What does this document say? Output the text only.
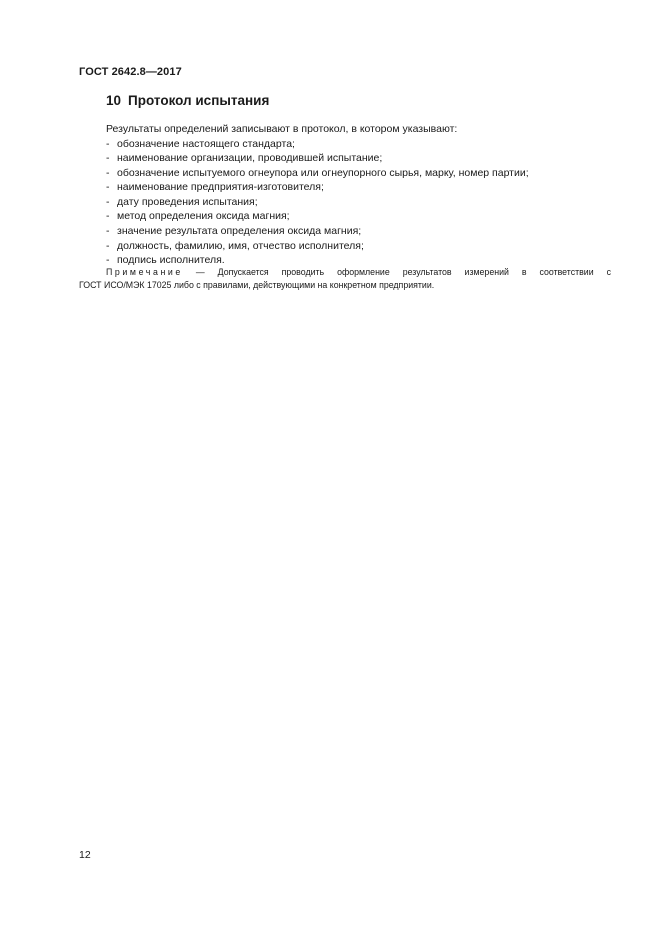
ГОСТ 2642.8—2017
10 Протокол испытания

Результаты определений записывают в протокол, в котором указывают:

- обозначение настоящего стандарта;
- наименование организации, проводившей испытание;
- обозначение испытуемого огнеупора или огнеупорного сырья, марку, номер партии;
- наименование предприятия-изготовителя;
- дату проведения испытания;
- метод определения оксида магния;
- значение результата определения оксида магния;
- должность, фамилию, имя, отчество исполнителя;
- подпись исполнителя.
Примечание — Допускается проводить оформление результатов измерений в соответствии с
ГОСТ ИСО/МЭК 17025 либо с правилами, действующими на конкретном предприятии.
12
